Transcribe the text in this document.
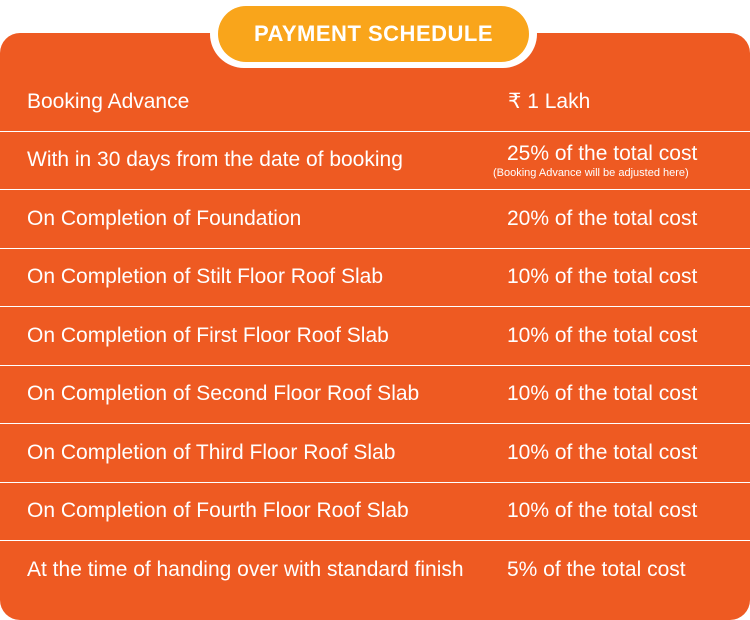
PAYMENT SCHEDULE
Booking Advance	₹ 1 Lakh
With in 30 days from the date of booking	25% of the total cost
(Booking Advance will be adjusted here)
On Completion of Foundation	20% of the total cost
On Completion of Stilt Floor Roof Slab	10% of the total cost
On Completion of First Floor Roof Slab	10% of the total cost
On Completion of Second Floor Roof Slab	10% of the total cost
On Completion of Third Floor Roof Slab	10% of the total cost
On Completion of Fourth Floor Roof Slab	10% of the total cost
At the time of handing over with standard finish 5% of the total cost
